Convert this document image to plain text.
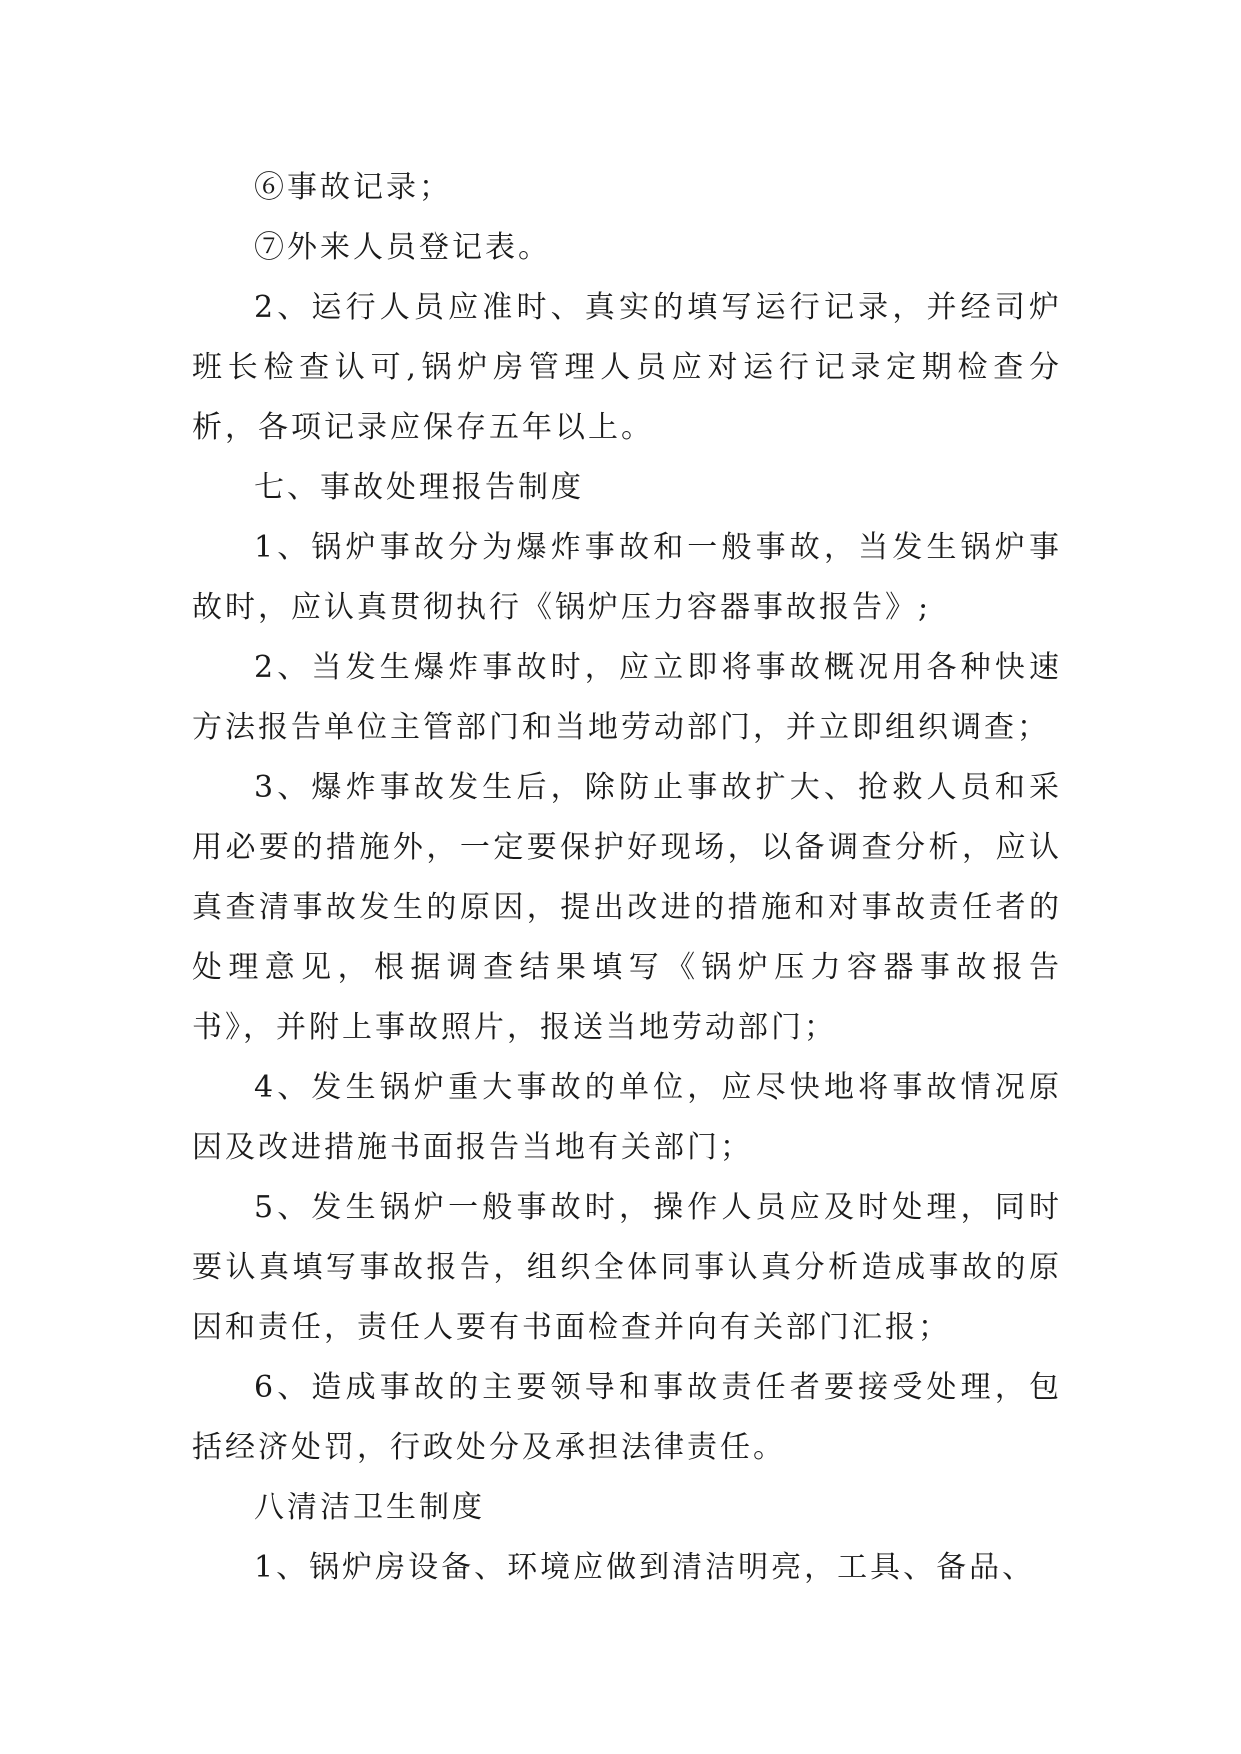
⑥事故记录；

⑦外来人员登记表。

2、运行人员应准时、真实的填写运行记录，并经司炉班长检查认可,锅炉房管理人员应对运行记录定期检查分析，各项记录应保存五年以上。

七、事故处理报告制度

1、锅炉事故分为爆炸事故和一般事故，当发生锅炉事故时，应认真贯彻执行《锅炉压力容器事故报告》;

2、当发生爆炸事故时，应立即将事故概况用各种快速方法报告单位主管部门和当地劳动部门，并立即组织调查；

3、爆炸事故发生后，除防止事故扩大、抢救人员和采用必要的措施外，一定要保护好现场，以备调查分析，应认真查清事故发生的原因，提出改进的措施和对事故责任者的处理意见，根据调查结果填写《锅炉压力容器事故报告书》，并附上事故照片，报送当地劳动部门；

4、发生锅炉重大事故的单位，应尽快地将事故情况原因及改进措施书面报告当地有关部门；

5、发生锅炉一般事故时，操作人员应及时处理，同时要认真填写事故报告，组织全体同事认真分析造成事故的原因和责任，责任人要有书面检查并向有关部门汇报；

6、造成事故的主要领导和事故责任者要接受处理，包括经济处罚，行政处分及承担法律责任。

八清洁卫生制度

1、锅炉房设备、环境应做到清洁明亮，工具、备品、
